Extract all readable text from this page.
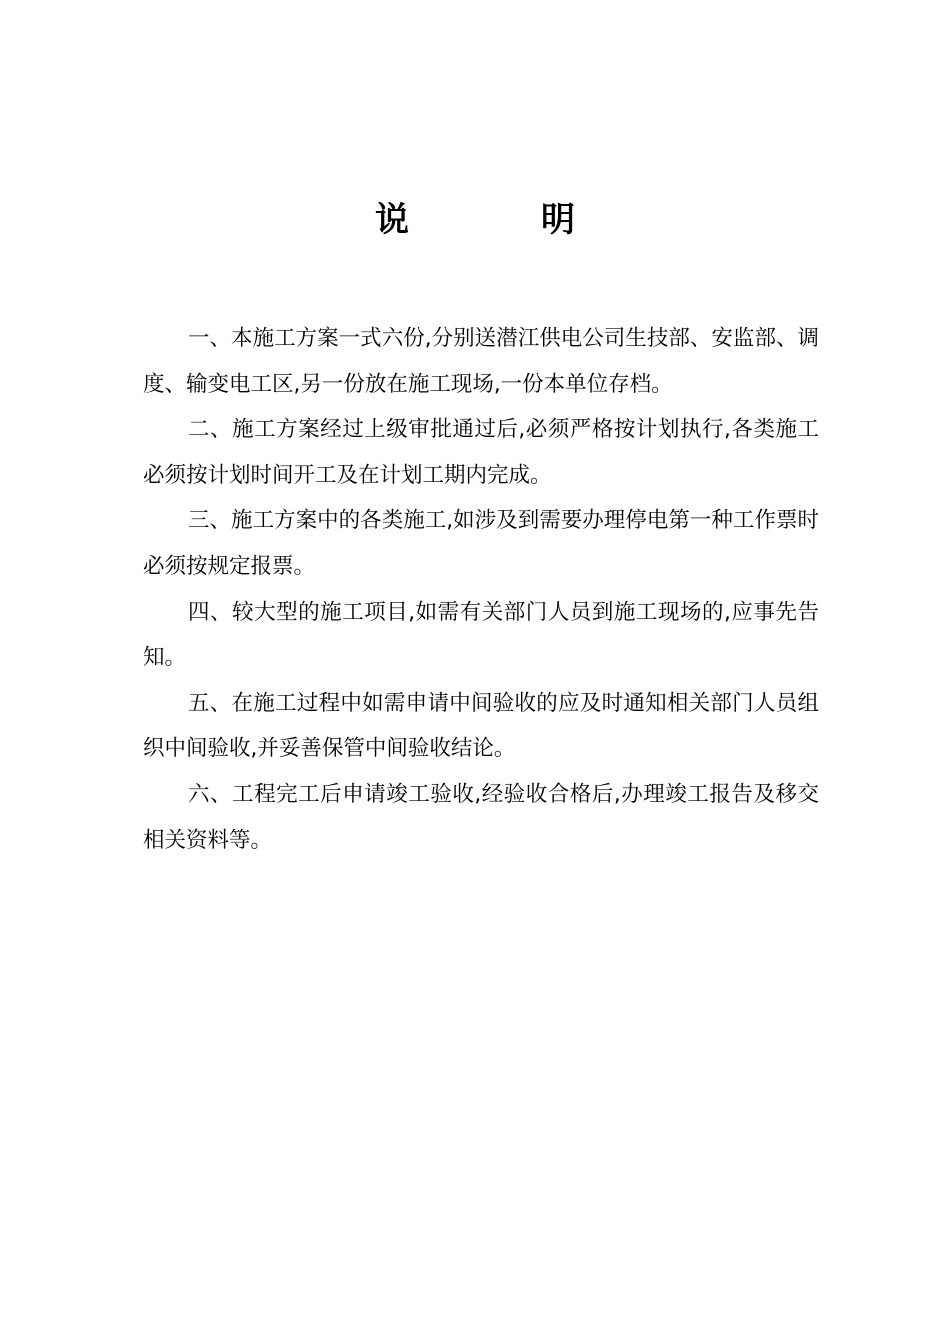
说	明

一、本施工方案一式六份,分别送潜江供电公司生技部、安监部、调度、输变电工区,另一份放在施工现场,一份本单位存档。

二、施工方案经过上级审批通过后,必须严格按计划执行,各类施工必须按计划时间开工及在计划工期内完成。

三、施工方案中的各类施工,如涉及到需要办理停电第一种工作票时必须按规定报票。

四、较大型的施工项目,如需有关部门人员到施工现场的,应事先告知。

五、在施工过程中如需申请中间验收的应及时通知相关部门人员组织中间验收,并妥善保管中间验收结论。

六、工程完工后申请竣工验收,经验收合格后,办理竣工报告及移交相关资料等。
